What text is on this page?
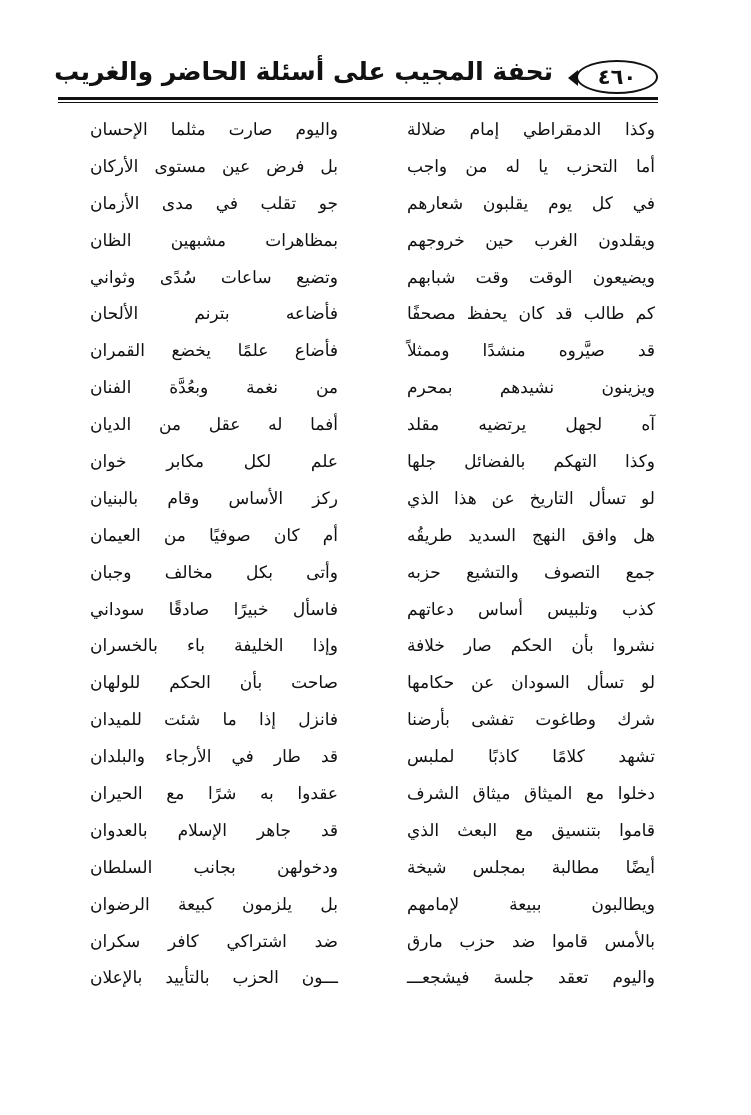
٤٦٠
تحفة المجيب على أسئلة الحاضر والغريب
وكذا الدمقراطي إمام ضلالة
واليوم صارت مثلما الإحسان
أما التحزب يا له من واجب
بل فرض عين مستوى الأركان
في كل يوم يقلبون شعارهم
جو تقلب في مدى الأزمان
ويقلدون الغرب حين خروجهم
بمظاهرات مشبهين الظان
ويضيعون الوقت وقت شبابهم
وتضيع ساعات سُدًى وثواني
كم طالب قد كان يحفظ مصحفًا
فأضاعه بترنم الألحان
قد صيَّروه منشدًا وممثلاً
فأضاع علمًا يخضع القمران
ويزينون نشيدهم بمحرم
من نغمة وبعُدَّة الفنان
آه لجهل يرتضيه مقلد
أفما له عقل من الديان
وكذا التهكم بالفضائل جلها
علم لكل مكابر خوان
لو تسأل التاريخ عن هذا الذي
ركز الأساس وقام بالبنيان
هل وافق النهج السديد طريقُه
أم كان صوفيًا من العيمان
جمع التصوف والتشيع حزبه
وأتى بكل مخالف وجبان
كذب وتلبيس أساس دعاتهم
فاسأل خبيرًا صادقًا سوداني
نشروا بأن الحكم صار خلافة
وإذا الخليفة باء بالخسران
لو تسأل السودان عن حكامها
صاحت بأن الحكم للولهان
شرك وطاغوت تفشى بأرضنا
فانزل إذا ما شئت للميدان
تشهد كلامًا كاذبًا لملبس
قد طار في الأرجاء والبلدان
دخلوا مع الميثاق ميثاق الشرف
عقدوا به شرًا مع الحيران
قاموا بتنسيق مع البعث الذي
قد جاهر الإسلام بالعدوان
أيضًا مطالبة بمجلس شيخة
ودخولهن بجانب السلطان
ويطالبون ببيعة لإمامهم
بل يلزمون كبيعة الرضوان
بالأمس قاموا ضد حزب مارق
ضد اشتراكي كافر سكران
واليوم تعقد جلسة فيشجعـــ
ـــون الحزب بالتأييد بالإعلان
